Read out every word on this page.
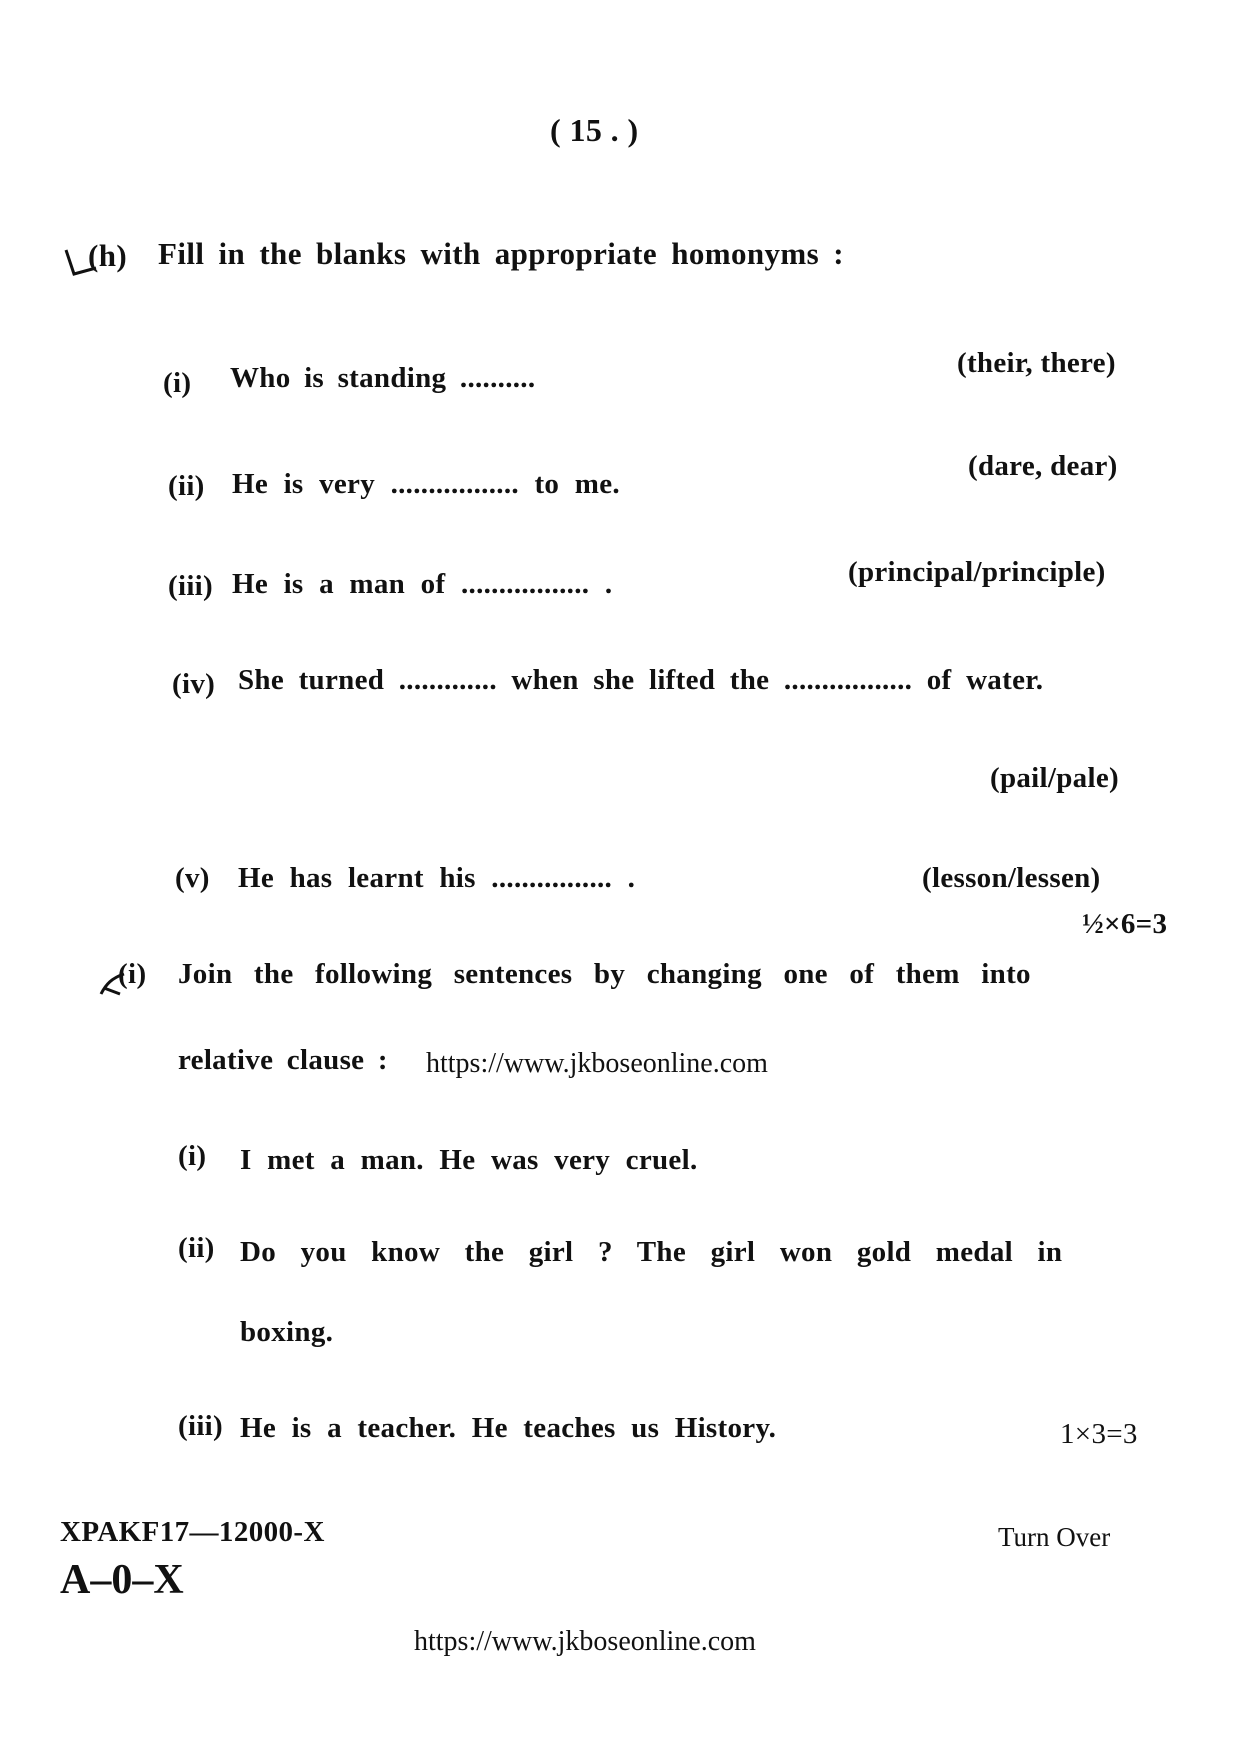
( 15 . )
(h) Fill in the blanks with appropriate homonyms :
(i) Who is standing ..........	(their, there)
(ii) He is very ................. to me.
(dare, dear)
(iii) He is a man of ................. .	(principal/principle)
(iv) She turned ............. when she lifted the ................. of water.
(pail/pale)
(v) He has learnt his ................ .	(lesson/lessen)
½×6=3
(i) Join the following sentences by changing one of them into
relative clause : https://www.jkboseonline.com
(i) I met a man. He was very cruel.
(ii) Do you know the girl ? The girl won gold medal in
boxing.
(iii) He is a teacher. He teaches us History.	1×3=3
XPAKF17—12000-X
A–0–X
Turn Over
https://www.jkboseonline.com
